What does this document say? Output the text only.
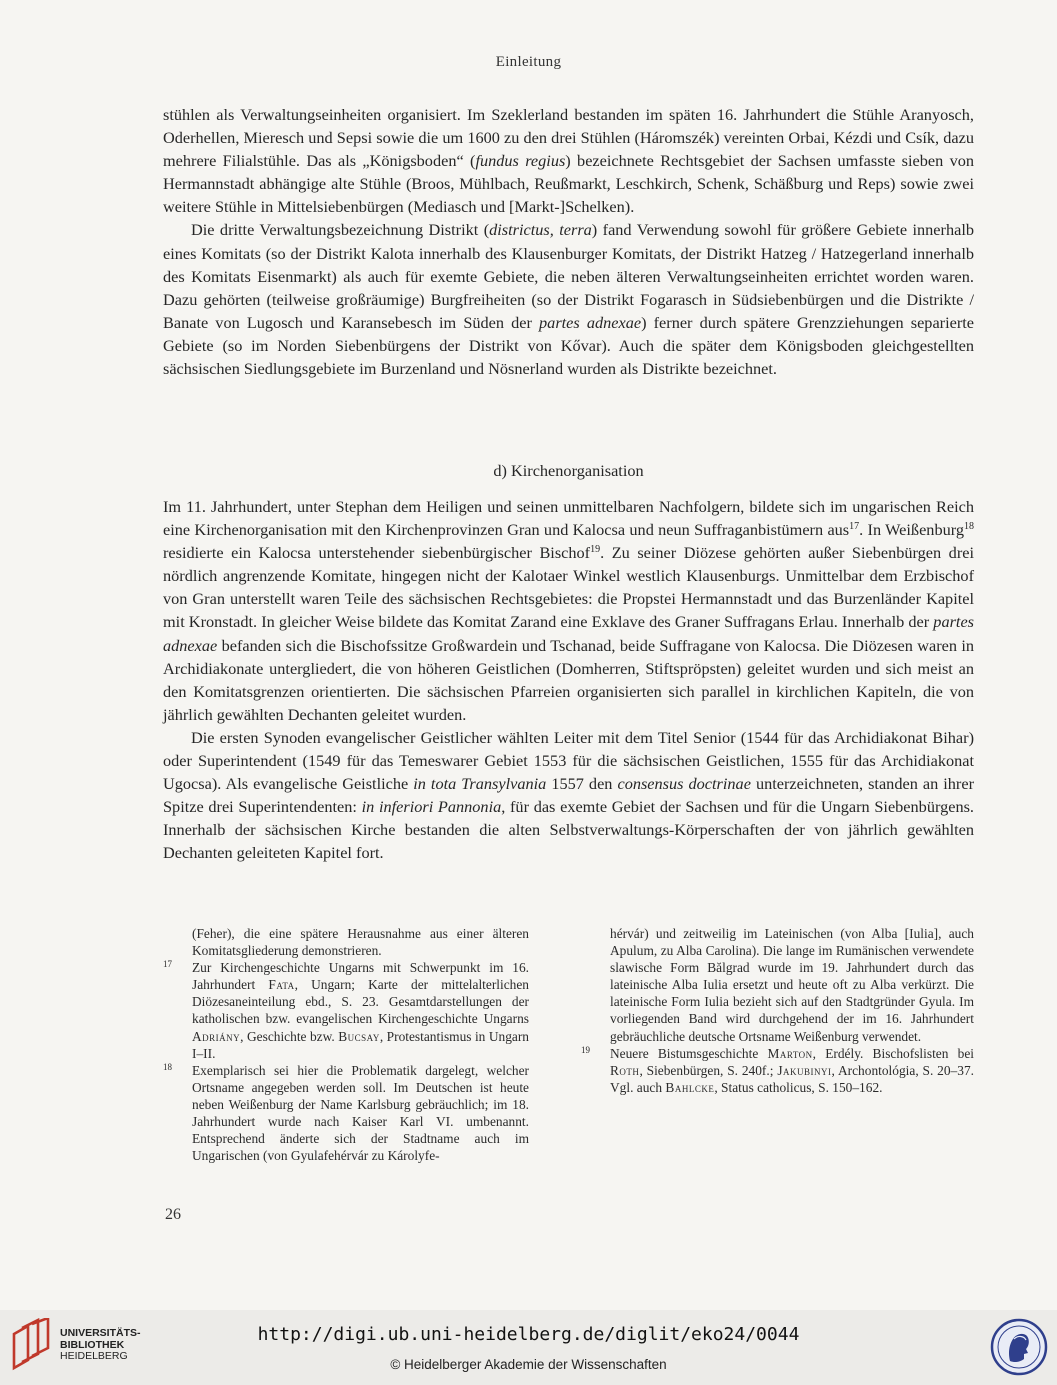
Einleitung

stühlen als Verwaltungseinheiten organisiert. Im Szeklerland bestanden im späten 16. Jahrhundert die Stühle Aranyosch, Oderhellen, Mieresch und Sepsi sowie die um 1600 zu den drei Stühlen (Háromszék) vereinten Orbai, Kézdi und Csík, dazu mehrere Filialstühle. Das als „Königsboden“ (fundus regius) bezeichnete Rechtsgebiet der Sachsen umfasste sieben von Hermannstadt abhängige alte Stühle (Broos, Mühlbach, Reußmarkt, Leschkirch, Schenk, Schäßburg und Reps) sowie zwei weitere Stühle in Mittelsiebenbürgen (Mediasch und [Markt-]Schelken).

Die dritte Verwaltungsbezeichnung Distrikt (districtus, terra) fand Verwendung sowohl für größere Gebiete innerhalb eines Komitats (so der Distrikt Kalota innerhalb des Klausenburger Komitats, der Distrikt Hatzeg / Hatzegerland innerhalb des Komitats Eisenmarkt) als auch für exemte Gebiete, die neben älteren Verwaltungseinheiten errichtet worden waren. Dazu gehörten (teilweise großräumige) Burgfreiheiten (so der Distrikt Fogarasch in Südsiebenbürgen und die Distrikte / Banate von Lugosch und Karansebesch im Süden der partes adnexae) ferner durch spätere Grenzziehungen separierte Gebiete (so im Norden Siebenbürgens der Distrikt von Kővar). Auch die später dem Königsboden gleichgestellten sächsischen Siedlungsgebiete im Burzenland und Nösnerland wurden als Distrikte bezeichnet.

d) Kirchenorganisation

Im 11. Jahrhundert, unter Stephan dem Heiligen und seinen unmittelbaren Nachfolgern, bildete sich im ungarischen Reich eine Kirchenorganisation mit den Kirchenprovinzen Gran und Kalocsa und neun Suffraganbistümern aus$^{17}$. In Weißenburg$^{18}$ residierte ein Kalocsa unterstehender siebenbürgischer Bischof$^{19}$. Zu seiner Diözese gehörten außer Siebenbürgen drei nördlich angrenzende Komitate, hingegen nicht der Kalotaer Winkel westlich Klausenburgs. Unmittelbar dem Erzbischof von Gran unterstellt waren Teile des sächsischen Rechtsgebietes: die Propstei Hermannstadt und das Burzenländer Kapitel mit Kronstadt. In gleicher Weise bildete das Komitat Zarand eine Exklave des Graner Suffragans Erlau. Innerhalb der partes adnexae befanden sich die Bischofssitze Großwardein und Tschanad, beide Suffragane von Kalocsa. Die Diözesen waren in Archidiakonate untergliedert, die von höheren Geistlichen (Domherren, Stiftspröpsten) geleitet wurden und sich meist an den Komitatsgrenzen orientierten. Die sächsischen Pfarreien organisierten sich parallel in kirchlichen Kapiteln, die von jährlich gewählten Dechanten geleitet wurden.

Die ersten Synoden evangelischer Geistlicher wählten Leiter mit dem Titel Senior (1544 für das Archidiakonat Bihar) oder Superintendent (1549 für das Temeswarer Gebiet 1553 für die sächsischen Geistlichen, 1555 für das Archidiakonat Ugocsa). Als evangelische Geistliche in tota Transylvania 1557 den consensus doctrinae unterzeichneten, standen an ihrer Spitze drei Superintendenten: in inferiori Pannonia, für das exemte Gebiet der Sachsen und für die Ungarn Siebenbürgens. Innerhalb der sächsischen Kirche bestanden die alten Selbstverwaltungs-Körperschaften der von jährlich gewählten Dechanten geleiteten Kapitel fort.

(Feher), die eine spätere Herausnahme aus einer älteren Komitatsgliederung demonstrieren.

17 Zur Kirchengeschichte Ungarns mit Schwerpunkt im 16. Jahrhundert Fata, Ungarn; Karte der mittelalterlichen Diözesaneinteilung ebd., S. 23. Gesamtdarstellungen der katholischen bzw. evangelischen Kirchengeschichte Ungarns Adriány, Geschichte bzw. Bucsay, Protestantismus in Ungarn I–II.

18 Exemplarisch sei hier die Problematik dargelegt, welcher Ortsname angegeben werden soll. Im Deutschen ist heute neben Weißenburg der Name Karlsburg gebräuchlich; im 18. Jahrhundert wurde nach Kaiser Karl VI. umbenannt. Entsprechend änderte sich der Stadtname auch im Ungarischen (von Gyulafehérvár zu Károlyfe-

hérvár) und zeitweilig im Lateinischen (von Alba [Iulia], auch Apulum, zu Alba Carolina). Die lange im Rumänischen verwendete slawische Form Bălgrad wurde im 19. Jahrhundert durch das lateinische Alba Iulia ersetzt und heute oft zu Alba verkürzt. Die lateinische Form Iulia bezieht sich auf den Stadtgründer Gyula. Im vorliegenden Band wird durchgehend der im 16. Jahrhundert gebräuchliche deutsche Ortsname Weißenburg verwendet.

19 Neuere Bistumsgeschichte Marton, Erdély. Bischofslisten bei Roth, Siebenbürgen, S. 240f.; Jakubinyi, Archontológia, S. 20–37. Vgl. auch Bahlcke, Status catholicus, S. 150–162.

26
UNIVERSITÄTS-
BIBLIOTHEK
HEIDELBERG
http://digi.ub.uni-heidelberg.de/diglit/eko24/0044
© Heidelberger Akademie der Wissenschaften
